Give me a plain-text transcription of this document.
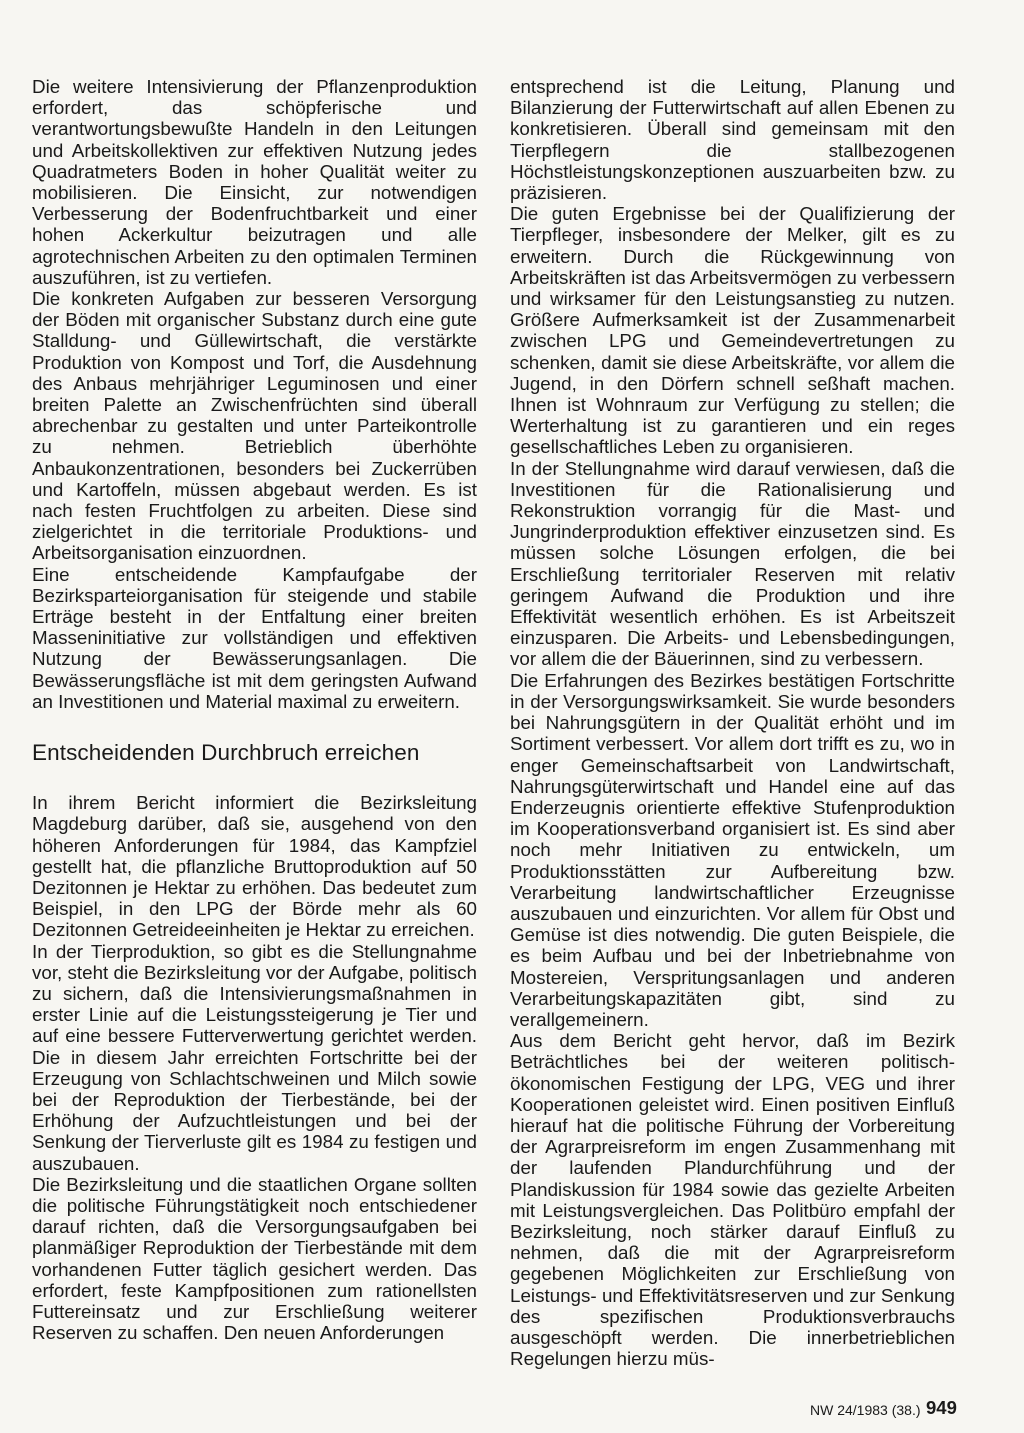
Die weitere Intensivierung der Pflanzenproduktion erfordert, das schöpferische und verantwortungsbewußte Handeln in den Leitungen und Arbeitskollektiven zur effektiven Nutzung jedes Quadratmeters Boden in hoher Qualität weiter zu mobilisieren. Die Einsicht, zur notwendigen Verbesserung der Bodenfruchtbarkeit und einer hohen Ackerkultur beizutragen und alle agrotechnischen Arbeiten zu den optimalen Terminen auszuführen, ist zu vertiefen.

Die konkreten Aufgaben zur besseren Versorgung der Böden mit organischer Substanz durch eine gute Stalldung- und Güllewirtschaft, die verstärkte Produktion von Kompost und Torf, die Ausdehnung des Anbaus mehrjähriger Leguminosen und einer breiten Palette an Zwischenfrüchten sind überall abrechenbar zu gestalten und unter Parteikontrolle zu nehmen. Betrieblich überhöhte Anbaukonzentrationen, besonders bei Zuckerrüben und Kartoffeln, müssen abgebaut werden. Es ist nach festen Fruchtfolgen zu arbeiten. Diese sind zielgerichtet in die territoriale Produktions- und Arbeitsorganisation einzuordnen.

Eine entscheidende Kampfaufgabe der Bezirksparteiorganisation für steigende und stabile Erträge besteht in der Entfaltung einer breiten Masseninitiative zur vollständigen und effektiven Nutzung der Bewässerungsanlagen. Die Bewässerungsfläche ist mit dem geringsten Aufwand an Investitionen und Material maximal zu erweitern.

Entscheidenden Durchbruch erreichen

In ihrem Bericht informiert die Bezirksleitung Magdeburg darüber, daß sie, ausgehend von den höheren Anforderungen für 1984, das Kampfziel gestellt hat, die pflanzliche Bruttoproduktion auf 50 Dezitonnen je Hektar zu erhöhen. Das bedeutet zum Beispiel, in den LPG der Börde mehr als 60 Dezitonnen Getreideeinheiten je Hektar zu erreichen.

In der Tierproduktion, so gibt es die Stellungnahme vor, steht die Bezirksleitung vor der Aufgabe, politisch zu sichern, daß die Intensivierungsmaßnahmen in erster Linie auf die Leistungssteigerung je Tier und auf eine bessere Futterverwertung gerichtet werden. Die in diesem Jahr erreichten Fortschritte bei der Erzeugung von Schlachtschweinen und Milch sowie bei der Reproduktion der Tierbestände, bei der Erhöhung der Aufzuchtleistungen und bei der Senkung der Tierverluste gilt es 1984 zu festigen und auszubauen.

Die Bezirksleitung und die staatlichen Organe sollten die politische Führungstätigkeit noch entschiedener darauf richten, daß die Versorgungsaufgaben bei planmäßiger Reproduktion der Tierbestände mit dem vorhandenen Futter täglich gesichert werden. Das erfordert, feste Kampfpositionen zum rationellsten Futtereinsatz und zur Erschließung weiterer Reserven zu schaffen. Den neuen Anforderungen

entsprechend ist die Leitung, Planung und Bilanzierung der Futterwirtschaft auf allen Ebenen zu konkretisieren. Überall sind gemeinsam mit den Tierpflegern die stallbezogenen Höchstleistungskonzeptionen auszuarbeiten bzw. zu präzisieren.

Die guten Ergebnisse bei der Qualifizierung der Tierpfleger, insbesondere der Melker, gilt es zu erweitern. Durch die Rückgewinnung von Arbeitskräften ist das Arbeitsvermögen zu verbessern und wirksamer für den Leistungsanstieg zu nutzen. Größere Aufmerksamkeit ist der Zusammenarbeit zwischen LPG und Gemeindevertretungen zu schenken, damit sie diese Arbeitskräfte, vor allem die Jugend, in den Dörfern schnell seßhaft machen. Ihnen ist Wohnraum zur Verfügung zu stellen; die Werterhaltung ist zu garantieren und ein reges gesellschaftliches Leben zu organisieren.

In der Stellungnahme wird darauf verwiesen, daß die Investitionen für die Rationalisierung und Rekonstruktion vorrangig für die Mast- und Jungrinderproduktion effektiver einzusetzen sind. Es müssen solche Lösungen erfolgen, die bei Erschließung territorialer Reserven mit relativ geringem Aufwand die Produktion und ihre Effektivität wesentlich erhöhen. Es ist Arbeitszeit einzusparen. Die Arbeits- und Lebensbedingungen, vor allem die der Bäuerinnen, sind zu verbessern.

Die Erfahrungen des Bezirkes bestätigen Fortschritte in der Versorgungswirksamkeit. Sie wurde besonders bei Nahrungsgütern in der Qualität erhöht und im Sortiment verbessert. Vor allem dort trifft es zu, wo in enger Gemeinschaftsarbeit von Landwirtschaft, Nahrungsgüterwirtschaft und Handel eine auf das Enderzeugnis orientierte effektive Stufenproduktion im Kooperationsverband organisiert ist. Es sind aber noch mehr Initiativen zu entwickeln, um Produktionsstätten zur Aufbereitung bzw. Verarbeitung landwirtschaftlicher Erzeugnisse auszubauen und einzurichten. Vor allem für Obst und Gemüse ist dies notwendig. Die guten Beispiele, die es beim Aufbau und bei der Inbetriebnahme von Mostereien, Verspritungsanlagen und anderen Verarbeitungskapazitäten gibt, sind zu verallgemeinern.

Aus dem Bericht geht hervor, daß im Bezirk Beträchtliches bei der weiteren politisch-ökonomischen Festigung der LPG, VEG und ihrer Kooperationen geleistet wird. Einen positiven Einfluß hierauf hat die politische Führung der Vorbereitung der Agrarpreisreform im engen Zusammenhang mit der laufenden Plandurchführung und der Plandiskussion für 1984 sowie das gezielte Arbeiten mit Leistungsvergleichen. Das Politbüro empfahl der Bezirksleitung, noch stärker darauf Einfluß zu nehmen, daß die mit der Agrarpreisreform gegebenen Möglichkeiten zur Erschließung von Leistungs- und Effektivitätsreserven und zur Senkung des spezifischen Produktionsverbrauchs ausgeschöpft werden. Die innerbetrieblichen Regelungen hierzu müs-

NW 24/1983 (38.) 949
